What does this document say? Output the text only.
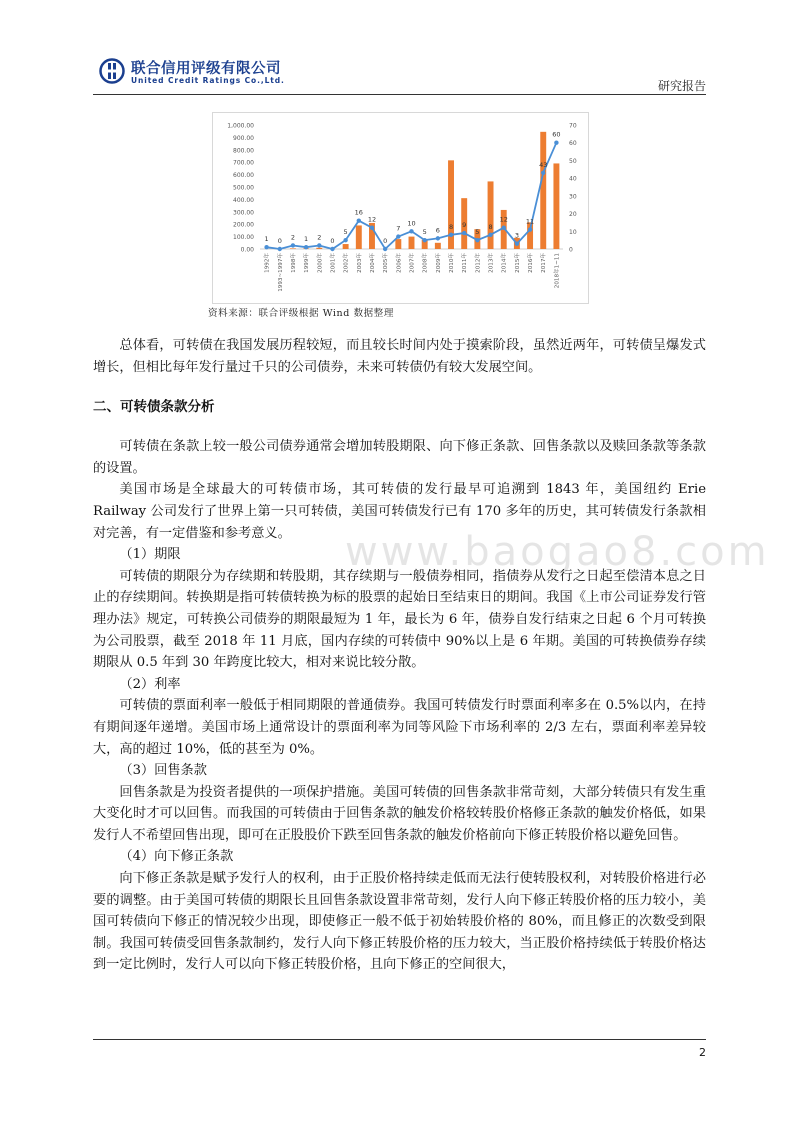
联合信用评级有限公司
United Credit Ratings Co.,Ltd.	研究报告
0.00
100.00
200.00
300.00
400.00
500.00
600.00
700.00
800.00
900.00
1,000.00
0
10
20
30
40
50
60
70
1 0 2 1 2 0
5
16
12
0
7
10
5 6 8 9
5
8
12
3
11
43
60
1992年	1993~1997年	1998年	1999年	2000年	2001年	2002年	2003年	2004年	2005年	2006年	2007年	2008年	2009年	2010年	2011年	2012年	2013年	2014年	2015年	2016年	2017年	2018年1~11
资料来源：联合评级根据 Wind 数据整理
www.baogao8.com

总体看，可转债在我国发展历程较短，而且较长时间内处于摸索阶段，虽然近两年，可转债呈爆发式增长，但相比每年发行量过千只的公司债券，未来可转债仍有较大发展空间。

二、可转债条款分析

可转债在条款上较一般公司债券通常会增加转股期限、向下修正条款、回售条款以及赎回条款等条款的设置。

美国市场是全球最大的可转债市场，其可转债的发行最早可追溯到 1843 年，美国纽约 Erie Railway 公司发行了世界上第一只可转债，美国可转债发行已有 170 多年的历史，其可转债发行条款相对完善，有一定借鉴和参考意义。

（1）期限

可转债的期限分为存续期和转股期，其存续期与一般债券相同，指债券从发行之日起至偿清本息之日止的存续期间。转换期是指可转债转换为标的股票的起始日至结束日的期间。我国《上市公司证券发行管理办法》规定，可转换公司债券的期限最短为 1 年，最长为 6 年，债券自发行结束之日起 6 个月可转换为公司股票，截至 2018 年 11 月底，国内存续的可转债中 90%以上是 6 年期。美国的可转换债券存续期限从 0.5 年到 30 年跨度比较大，相对来说比较分散。

（2）利率

可转债的票面利率一般低于相同期限的普通债券。我国可转债发行时票面利率多在 0.5%以内，在持有期间逐年递增。美国市场上通常设计的票面利率为同等风险下市场利率的 2/3 左右，票面利率差异较大，高的超过 10%，低的甚至为 0%。

（3）回售条款

回售条款是为投资者提供的一项保护措施。美国可转债的回售条款非常苛刻，大部分转债只有发生重大变化时才可以回售。而我国的可转债由于回售条款的触发价格较转股价格修正条款的触发价格低，如果发行人不希望回售出现，即可在正股股价下跌至回售条款的触发价格前向下修正转股价格以避免回售。

（4）向下修正条款

向下修正条款是赋予发行人的权利，由于正股价格持续走低而无法行使转股权利，对转股价格进行必要的调整。由于美国可转债的期限长且回售条款设置非常苛刻，发行人向下修正转股价格的压力较小，美国可转债向下修正的情况较少出现，即使修正一般不低于初始转股价格的 80%，而且修正的次数受到限制。我国可转债受回售条款制约，发行人向下修正转股价格的压力较大，当正股价格持续低于转股价格达到一定比例时，发行人可以向下修正转股价格，且向下修正的空间很大，

2
